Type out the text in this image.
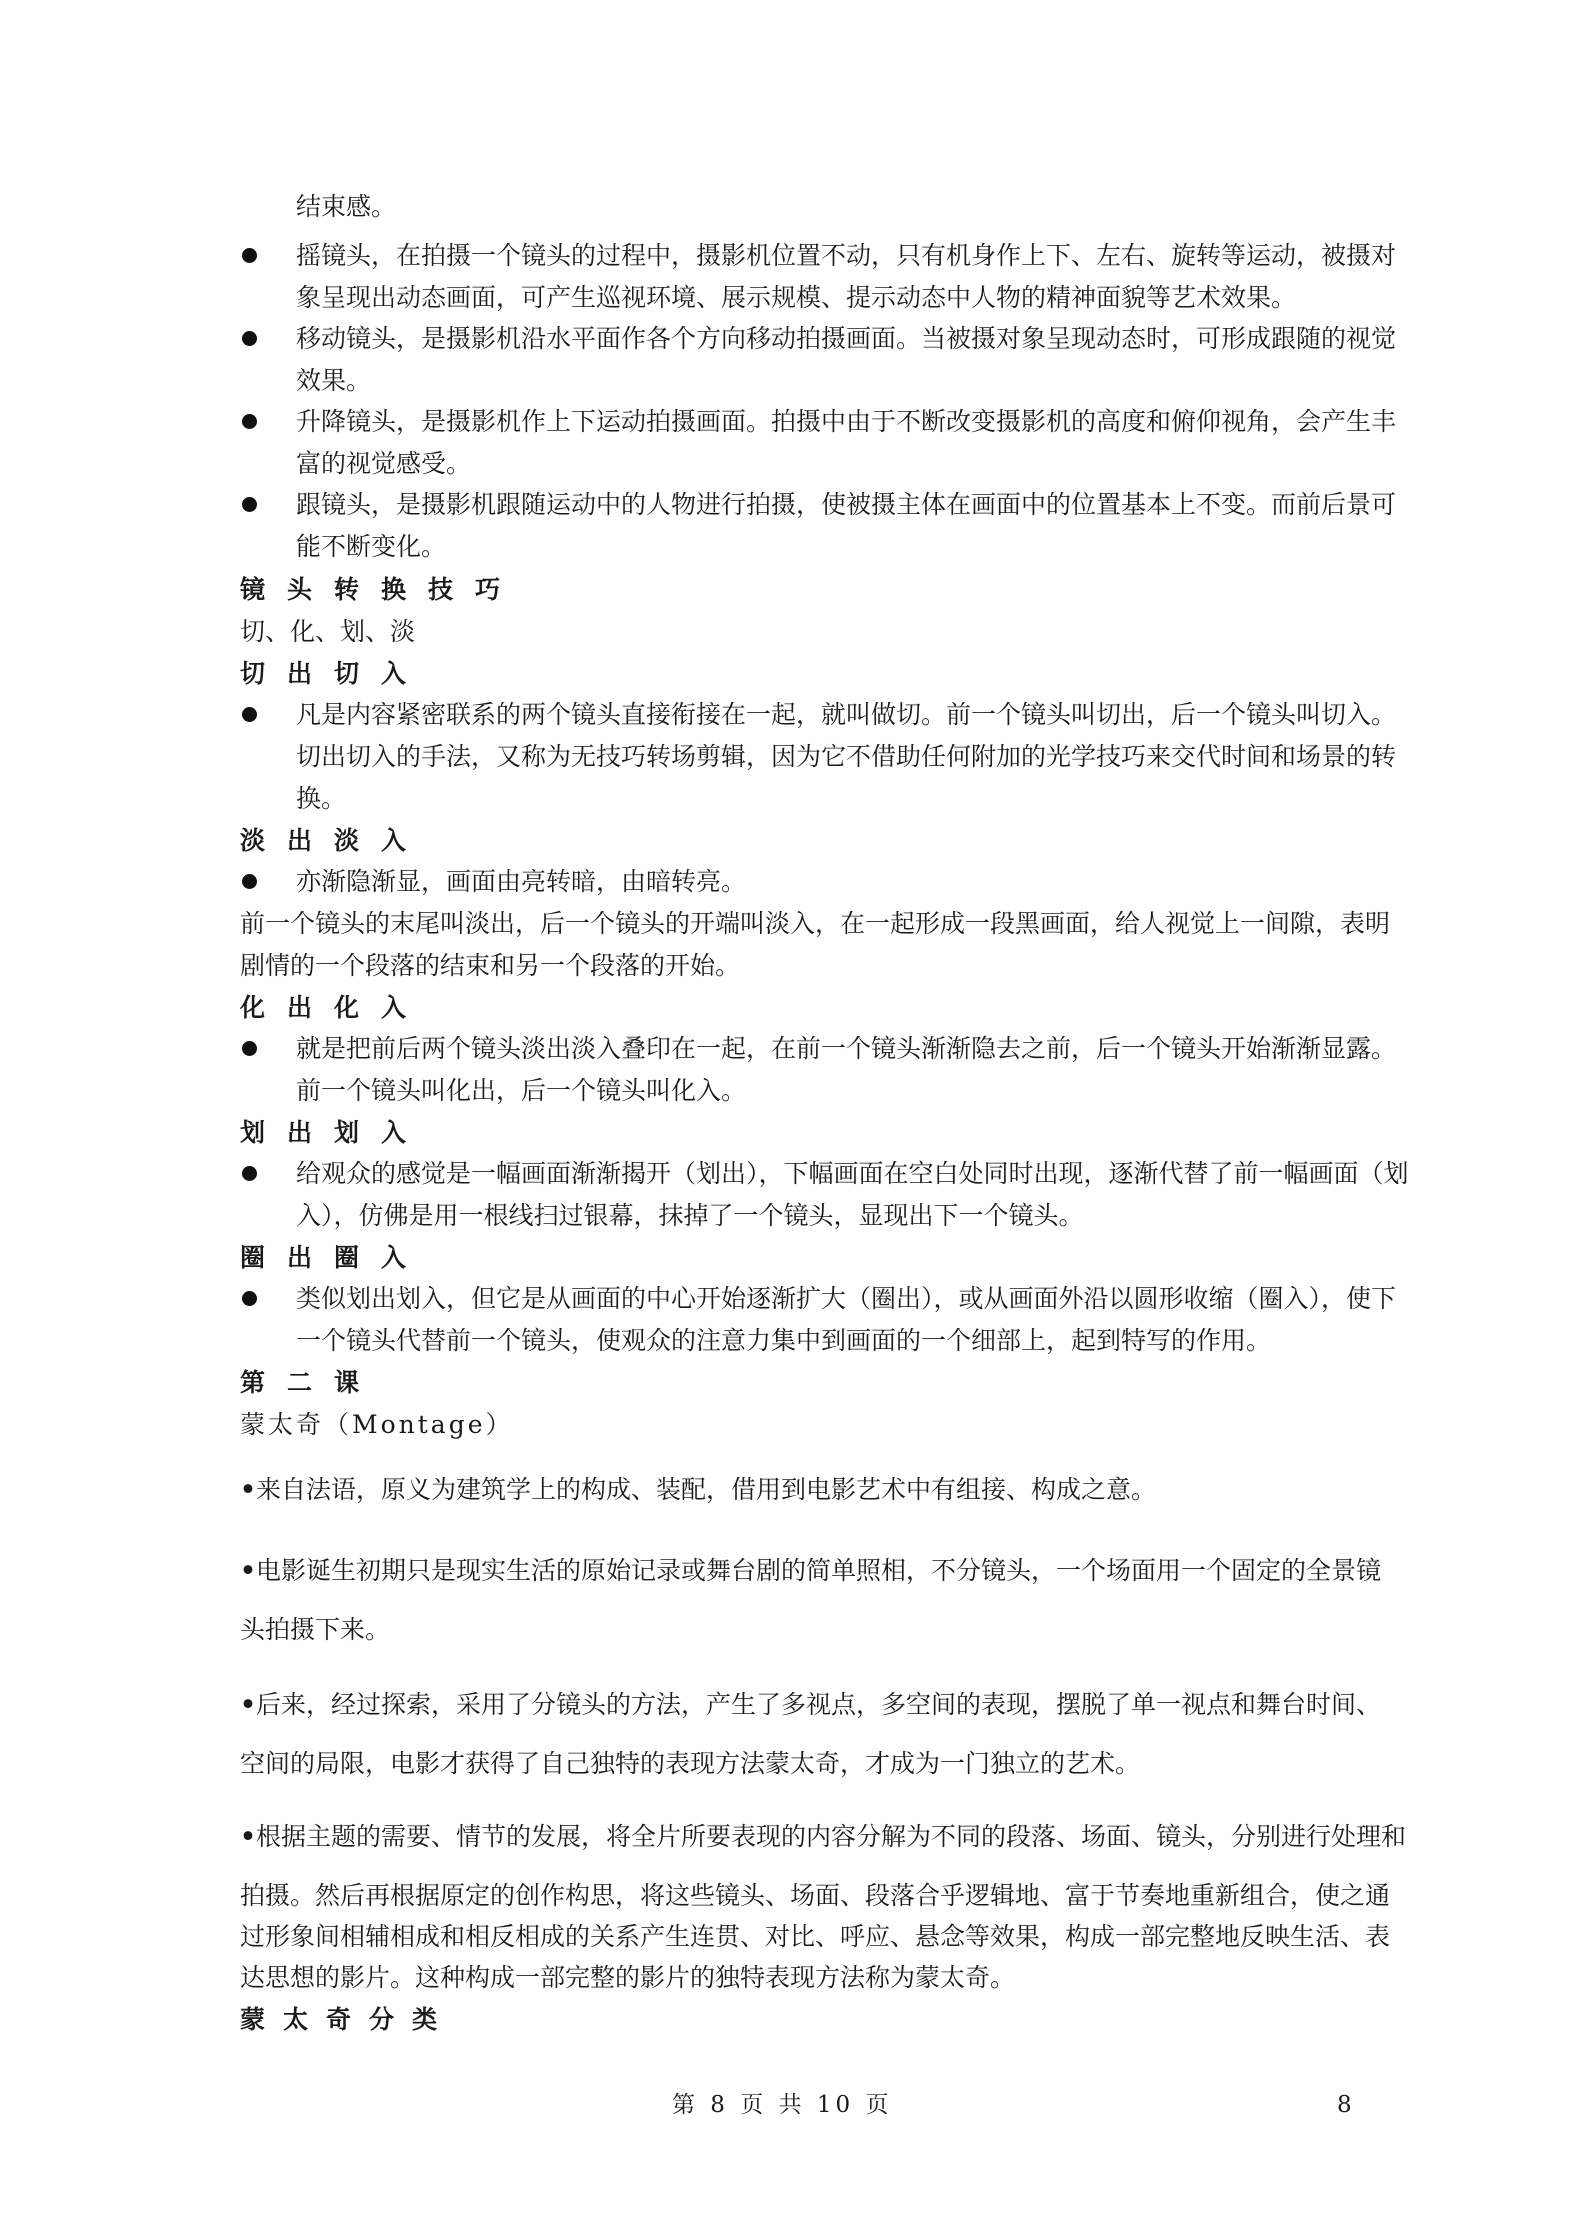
结束感。
摇镜头，在拍摄一个镜头的过程中，摄影机位置不动，只有机身作上下、左右、旋转等运动，被摄对
象呈现出动态画面，可产生巡视环境、展示规模、提示动态中人物的精神面貌等艺术效果。
移动镜头，是摄影机沿水平面作各个方向移动拍摄画面。当被摄对象呈现动态时，可形成跟随的视觉
效果。
升降镜头，是摄影机作上下运动拍摄画面。拍摄中由于不断改变摄影机的高度和俯仰视角，会产生丰
富的视觉感受。
跟镜头，是摄影机跟随运动中的人物进行拍摄，使被摄主体在画面中的位置基本上不变。而前后景可
能不断变化。
镜头转换技巧
切、化、划、淡
切出切入
凡是内容紧密联系的两个镜头直接衔接在一起，就叫做切。前一个镜头叫切出，后一个镜头叫切入。
切出切入的手法，又称为无技巧转场剪辑，因为它不借助任何附加的光学技巧来交代时间和场景的转
换。
淡出淡入
亦渐隐渐显，画面由亮转暗，由暗转亮。
前一个镜头的末尾叫淡出，后一个镜头的开端叫淡入，在一起形成一段黑画面，给人视觉上一间隙，表明
剧情的一个段落的结束和另一个段落的开始。
化出化入
就是把前后两个镜头淡出淡入叠印在一起，在前一个镜头渐渐隐去之前，后一个镜头开始渐渐显露。
前一个镜头叫化出，后一个镜头叫化入。
划出划入
给观众的感觉是一幅画面渐渐揭开（划出），下幅画面在空白处同时出现，逐渐代替了前一幅画面（划
入），仿佛是用一根线扫过银幕，抹掉了一个镜头，显现出下一个镜头。
圈出圈入
类似划出划入，但它是从画面的中心开始逐渐扩大（圈出），或从画面外沿以圆形收缩（圈入），使下
一个镜头代替前一个镜头，使观众的注意力集中到画面的一个细部上，起到特写的作用。
第二课
蒙太奇（Montage）
•来自法语，原义为建筑学上的构成、装配，借用到电影艺术中有组接、构成之意。
•电影诞生初期只是现实生活的原始记录或舞台剧的简单照相，不分镜头，一个场面用一个固定的全景镜
头拍摄下来。
•后来，经过探索，采用了分镜头的方法，产生了多视点，多空间的表现，摆脱了单一视点和舞台时间、
空间的局限，电影才获得了自己独特的表现方法蒙太奇，才成为一门独立的艺术。
•根据主题的需要、情节的发展，将全片所要表现的内容分解为不同的段落、场面、镜头，分别进行处理和
拍摄。然后再根据原定的创作构思，将这些镜头、场面、段落合乎逻辑地、富于节奏地重新组合，使之通
过形象间相辅相成和相反相成的关系产生连贯、对比、呼应、悬念等效果，构成一部完整地反映生活、表
达思想的影片。这种构成一部完整的影片的独特表现方法称为蒙太奇。
蒙太奇分类
第 8 页 共 10 页	8
